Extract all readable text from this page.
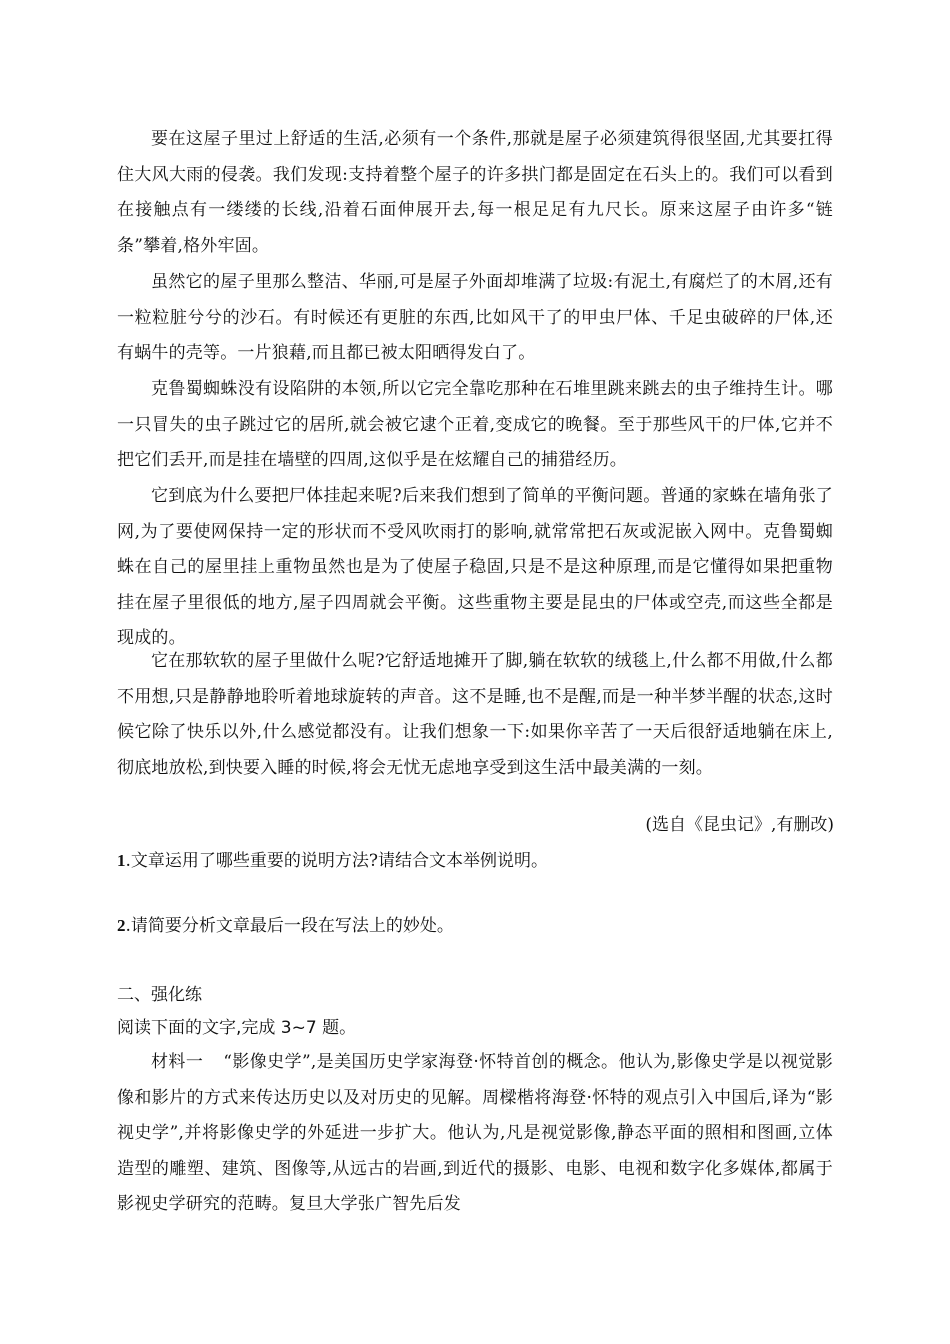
要在这屋子里过上舒适的生活,必须有一个条件,那就是屋子必须建筑得很坚固,尤其要扛得住大风大雨的侵袭。我们发现:支持着整个屋子的许多拱门都是固定在石头上的。我们可以看到在接触点有一缕缕的长线,沿着石面伸展开去,每一根足足有九尺长。原来这屋子由许多“链条”攀着,格外牢固。

虽然它的屋子里那么整洁、华丽,可是屋子外面却堆满了垃圾:有泥土,有腐烂了的木屑,还有一粒粒脏兮兮的沙石。有时候还有更脏的东西,比如风干了的甲虫尸体、千足虫破碎的尸体,还有蜗牛的壳等。一片狼藉,而且都已被太阳晒得发白了。

克鲁蜀蜘蛛没有设陷阱的本领,所以它完全靠吃那种在石堆里跳来跳去的虫子维持生计。哪一只冒失的虫子跳过它的居所,就会被它逮个正着,变成它的晚餐。至于那些风干的尸体,它并不把它们丢开,而是挂在墙壁的四周,这似乎是在炫耀自己的捕猎经历。

它到底为什么要把尸体挂起来呢?后来我们想到了简单的平衡问题。普通的家蛛在墙角张了网,为了要使网保持一定的形状而不受风吹雨打的影响,就常常把石灰或泥嵌入网中。克鲁蜀蜘蛛在自己的屋里挂上重物虽然也是为了使屋子稳固,只是不是这种原理,而是它懂得如果把重物挂在屋子里很低的地方,屋子四周就会平衡。这些重物主要是昆虫的尸体或空壳,而这些全都是现成的。

它在那软软的屋子里做什么呢?它舒适地摊开了脚,躺在软软的绒毯上,什么都不用做,什么都不用想,只是静静地聆听着地球旋转的声音。这不是睡,也不是醒,而是一种半梦半醒的状态,这时候它除了快乐以外,什么感觉都没有。让我们想象一下:如果你辛苦了一天后很舒适地躺在床上,彻底地放松,到快要入睡的时候,将会无忧无虑地享受到这生活中最美满的一刻。

(选自《昆虫记》,有删改)

1.文章运用了哪些重要的说明方法?请结合文本举例说明。

2.请简要分析文章最后一段在写法上的妙处。

二、强化练

阅读下面的文字,完成 3~7 题。

材料一 “影像史学”,是美国历史学家海登·怀特首创的概念。他认为,影像史学是以视觉影像和影片的方式来传达历史以及对历史的见解。周樑楷将海登·怀特的观点引入中国后,译为“影视史学”,并将影像史学的外延进一步扩大。他认为,凡是视觉影像,静态平面的照相和图画,立体造型的雕塑、建筑、图像等,从远古的岩画,到近代的摄影、电影、电视和数字化多媒体,都属于影视史学研究的范畴。复旦大学张广智先后发
